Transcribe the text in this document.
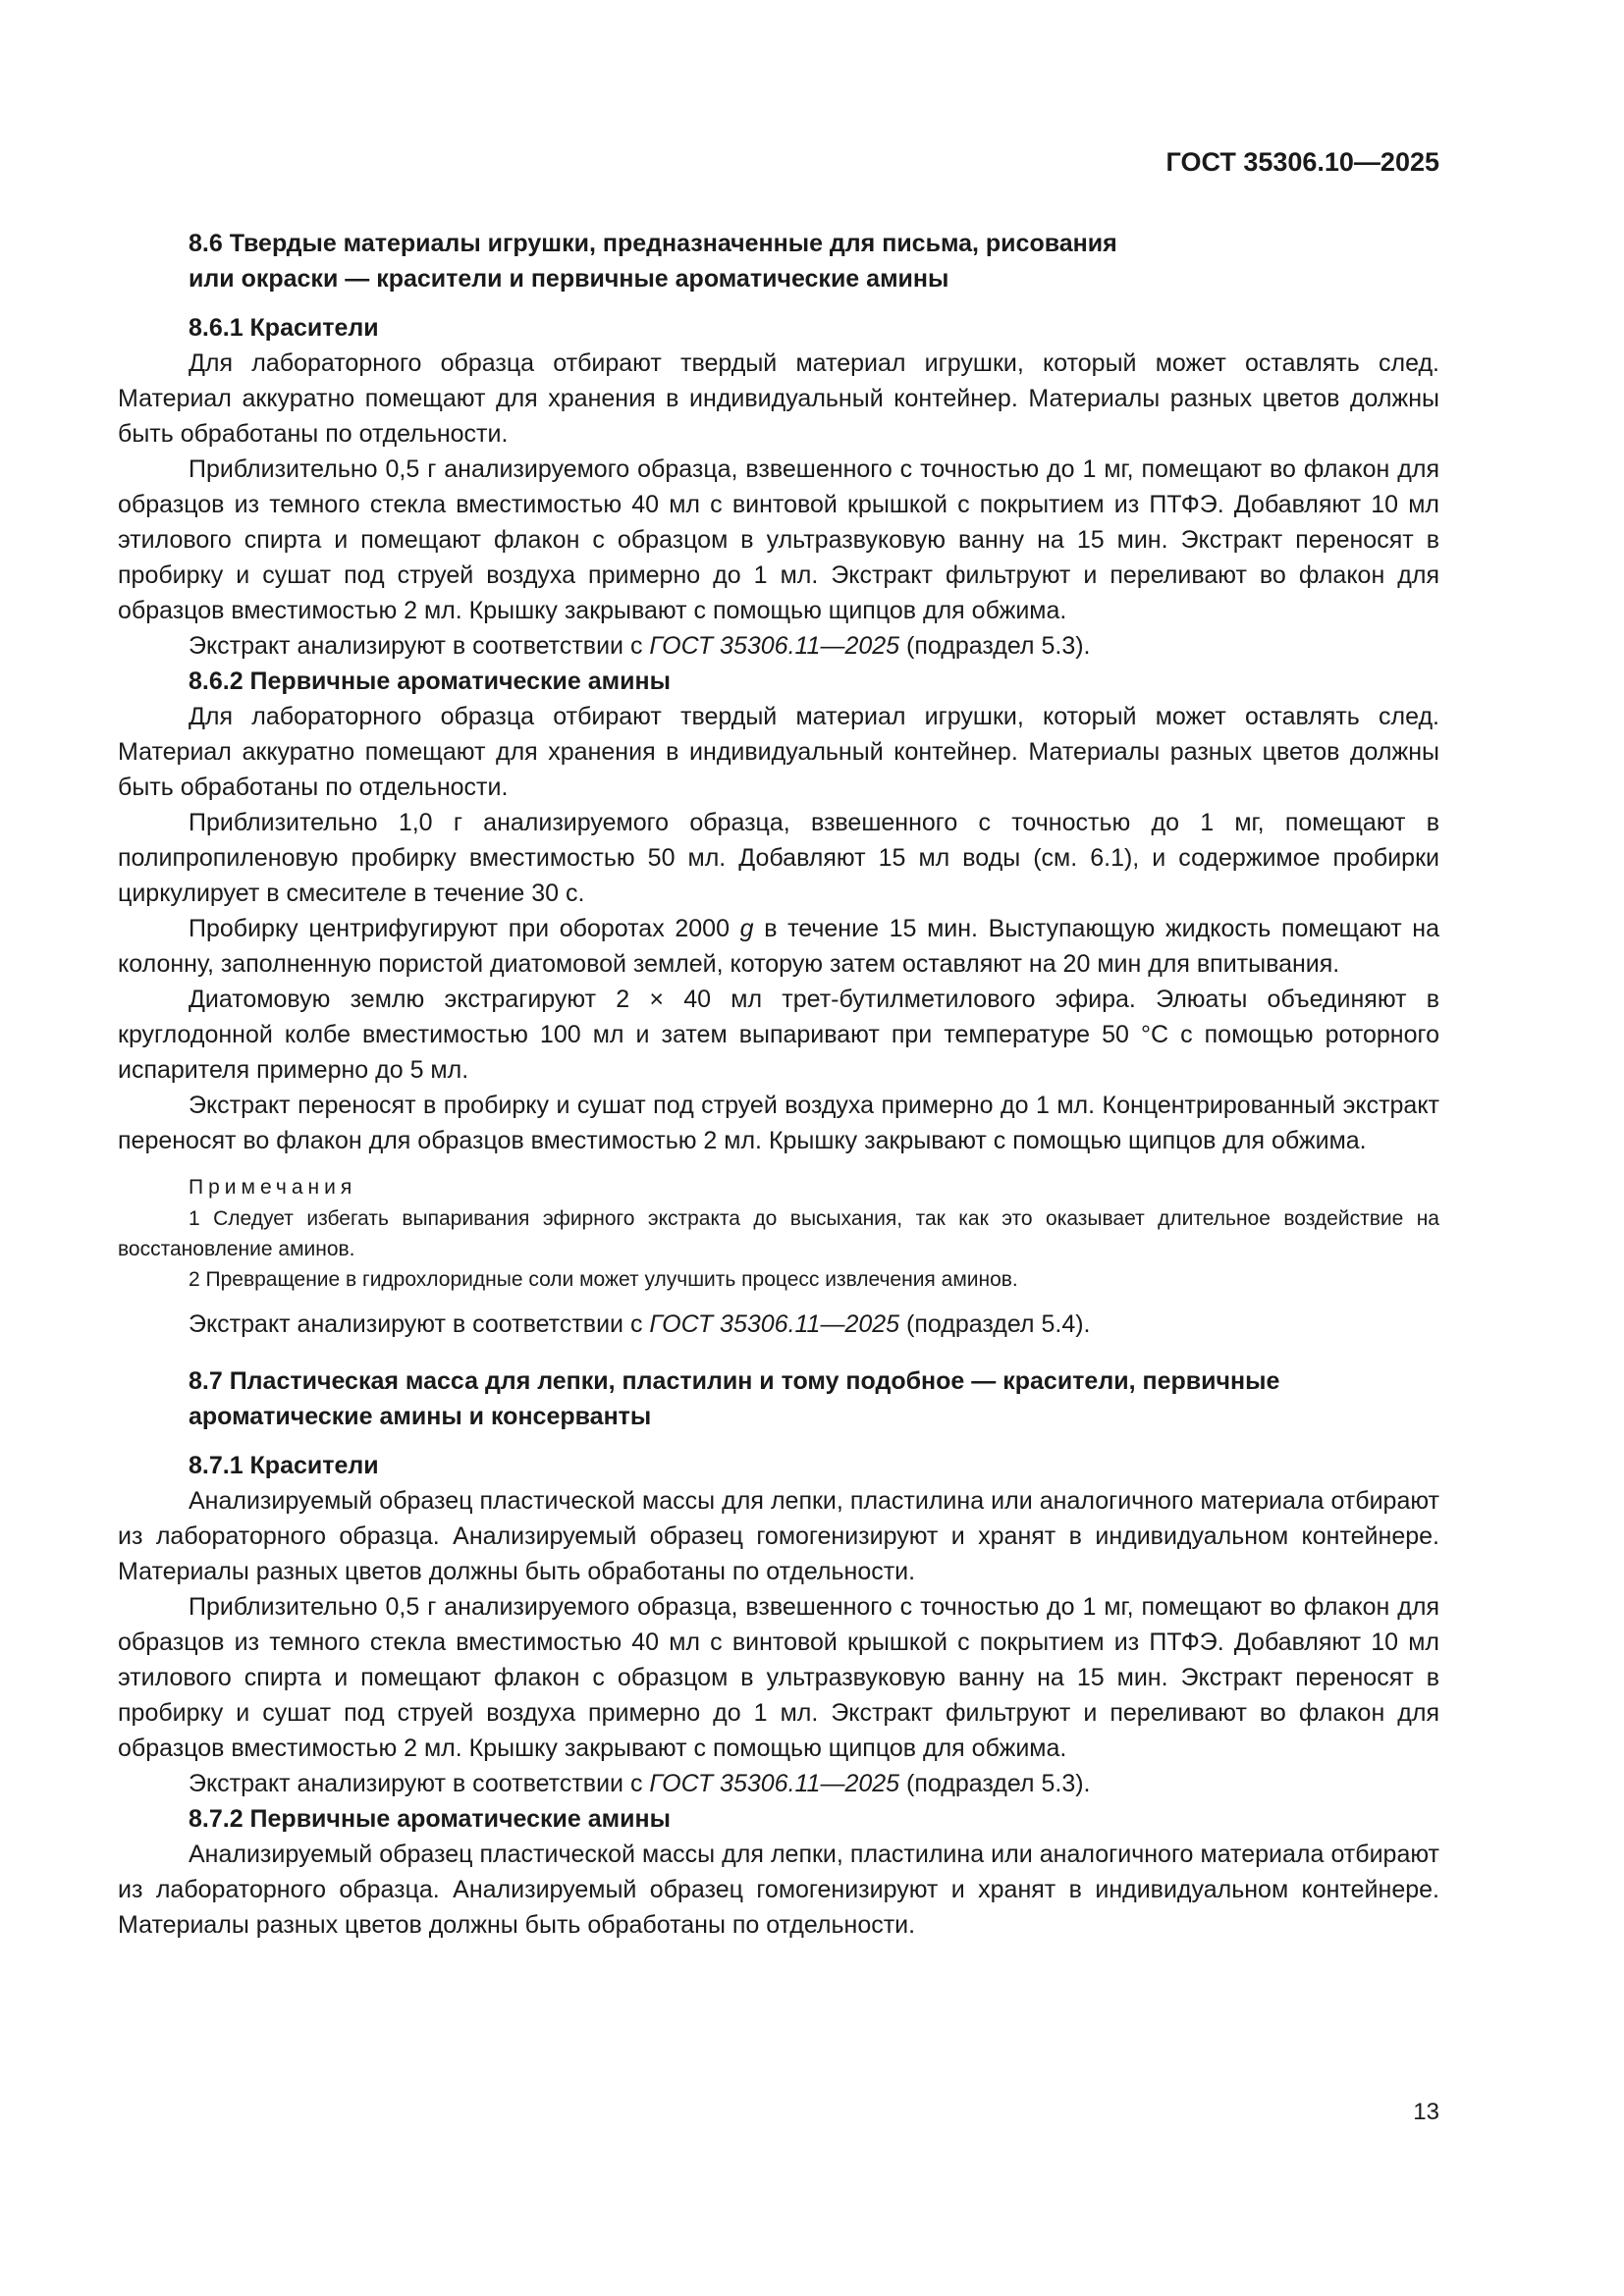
ГОСТ 35306.10—2025
8.6 Твердые материалы игрушки, предназначенные для письма, рисования
или окраски — красители и первичные ароматические амины
8.6.1 Красители

Для лабораторного образца отбирают твердый материал игрушки, который может оставлять след. Материал аккуратно помещают для хранения в индивидуальный контейнер. Материалы разных цветов должны быть обработаны по отдельности.

Приблизительно 0,5 г анализируемого образца, взвешенного с точностью до 1 мг, помещают во флакон для образцов из темного стекла вместимостью 40 мл с винтовой крышкой с покрытием из ПТФЭ. Добавляют 10 мл этилового спирта и помещают флакон с образцом в ультразвуковую ванну на 15 мин. Экстракт переносят в пробирку и сушат под струей воздуха примерно до 1 мл. Экстракт фильтруют и переливают во флакон для образцов вместимостью 2 мл. Крышку закрывают с помощью щипцов для обжима.

Экстракт анализируют в соответствии с ГОСТ 35306.11—2025 (подраздел 5.3).

8.6.2 Первичные ароматические амины

Для лабораторного образца отбирают твердый материал игрушки, который может оставлять след. Материал аккуратно помещают для хранения в индивидуальный контейнер. Материалы разных цветов должны быть обработаны по отдельности.

Приблизительно 1,0 г анализируемого образца, взвешенного с точностью до 1 мг, помещают в полипропиленовую пробирку вместимостью 50 мл. Добавляют 15 мл воды (см. 6.1), и содержимое пробирки циркулирует в смесителе в течение 30 с.

Пробирку центрифугируют при оборотах 2000 g в течение 15 мин. Выступающую жидкость помещают на колонну, заполненную пористой диатомовой землей, которую затем оставляют на 20 мин для впитывания.

Диатомовую землю экстрагируют 2 × 40 мл трет-бутилметилового эфира. Элюаты объединяют в круглодонной колбе вместимостью 100 мл и затем выпаривают при температуре 50 °C с помощью роторного испарителя примерно до 5 мл.

Экстракт переносят в пробирку и сушат под струей воздуха примерно до 1 мл. Концентрированный экстракт переносят во флакон для образцов вместимостью 2 мл. Крышку закрывают с помощью щипцов для обжима.

Примечания

1 Следует избегать выпаривания эфирного экстракта до высыхания, так как это оказывает длительное воздействие на восстановление аминов.

2 Превращение в гидрохлоридные соли может улучшить процесс извлечения аминов.

Экстракт анализируют в соответствии с ГОСТ 35306.11—2025 (подраздел 5.4).

8.7 Пластическая масса для лепки, пластилин и тому подобное — красители, первичные
ароматические амины и консерванты
8.7.1 Красители

Анализируемый образец пластической массы для лепки, пластилина или аналогичного материала отбирают из лабораторного образца. Анализируемый образец гомогенизируют и хранят в индивидуальном контейнере. Материалы разных цветов должны быть обработаны по отдельности.

Приблизительно 0,5 г анализируемого образца, взвешенного с точностью до 1 мг, помещают во флакон для образцов из темного стекла вместимостью 40 мл с винтовой крышкой с покрытием из ПТФЭ. Добавляют 10 мл этилового спирта и помещают флакон с образцом в ультразвуковую ванну на 15 мин. Экстракт переносят в пробирку и сушат под струей воздуха примерно до 1 мл. Экстракт фильтруют и переливают во флакон для образцов вместимостью 2 мл. Крышку закрывают с помощью щипцов для обжима.

Экстракт анализируют в соответствии с ГОСТ 35306.11—2025 (подраздел 5.3).

8.7.2 Первичные ароматические амины

Анализируемый образец пластической массы для лепки, пластилина или аналогичного материала отбирают из лабораторного образца. Анализируемый образец гомогенизируют и хранят в индивидуальном контейнере. Материалы разных цветов должны быть обработаны по отдельности.

13
